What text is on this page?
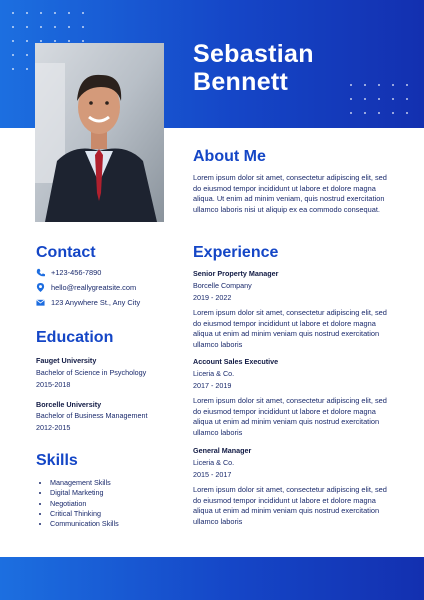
Sebastian
Bennett
About Me
Lorem ipsum dolor sit amet, consectetur adipiscing elit, sed do eiusmod tempor incididunt ut labore et dolore magna aliqua. Ut enim ad minim veniam, quis nostrud exercitation ullamco laboris nisi ut aliquip ex ea commodo consequat.
Contact
+123-456-7890
hello@reallygreatsite.com
123 Anywhere St., Any City
Education
Fauget University
Bachelor of Science in Psychology
2015-2018
Borcelle University
Bachelor of Business Management
2012-2015
Skills
• Management Skills
• Digital Marketing
• Negotiation
• Critical Thinking
• Communication Skills
Experience
Senior Property Manager
Borcelle Company
2019 - 2022
Lorem ipsum dolor sit amet, consectetur adipiscing elit, sed do eiusmod tempor incididunt ut labore et dolore magna aliqua ut enim ad minim veniam quis nostrud exercitation ullamco laboris
Account Sales Executive
Liceria & Co.
2017 - 2019
Lorem ipsum dolor sit amet, consectetur adipiscing elit, sed do eiusmod tempor incididunt ut labore et dolore magna aliqua ut enim ad minim veniam quis nostrud exercitation ullamco laboris
General Manager
Liceria & Co.
2015 - 2017
Lorem ipsum dolor sit amet, consectetur adipiscing elit, sed do eiusmod tempor incididunt ut labore et dolore magna aliqua ut enim ad minim veniam quis nostrud exercitation ullamco laboris
